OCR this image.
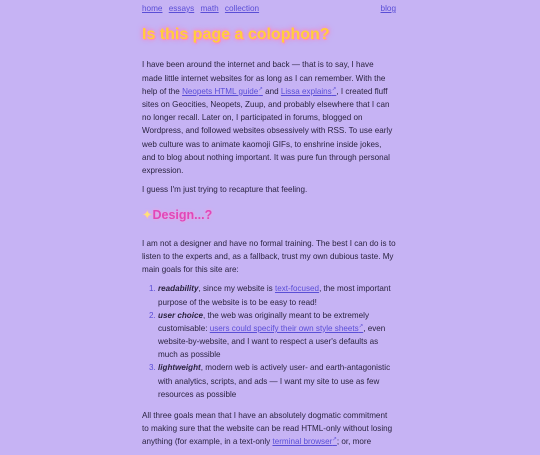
home essays math collection	blog
Is this page a colophon?

I have been around the internet and back — that is to say, I have made little internet websites for as long as I can remember. With the help of the Neopets HTML guide↗ and Lissa explains↗, I created fluff sites on Geocities, Neopets, Zuup, and probably elsewhere that I can no longer recall. Later on, I participated in forums, blogged on Wordpress, and followed websites obsessively with RSS. To use early web culture was to animate kaomoji GIFs, to enshrine inside jokes, and to blog about nothing important. It was pure fun through personal expression.

I guess I'm just trying to recapture that feeling.

✦Design...?

I am not a designer and have no formal training. The best I can do is to listen to the experts and, as a fallback, trust my own dubious taste. My main goals for this site are:

1. readability, since my website is text-focused, the most important purpose of the website is to be easy to read!
2. user choice, the web was originally meant to be extremely customisable: users could specify their own style sheets↗, even website-by-website, and I want to respect a user's defaults as much as possible
3. lightweight, modern web is actively user- and earth-antagonistic with analytics, scripts, and ads — I want my site to use as few resources as possible

All three goals mean that I have an absolutely dogmatic commitment to making sure that the website can be read HTML-only without losing anything (for example, in a text-only terminal browser↗; or, more
